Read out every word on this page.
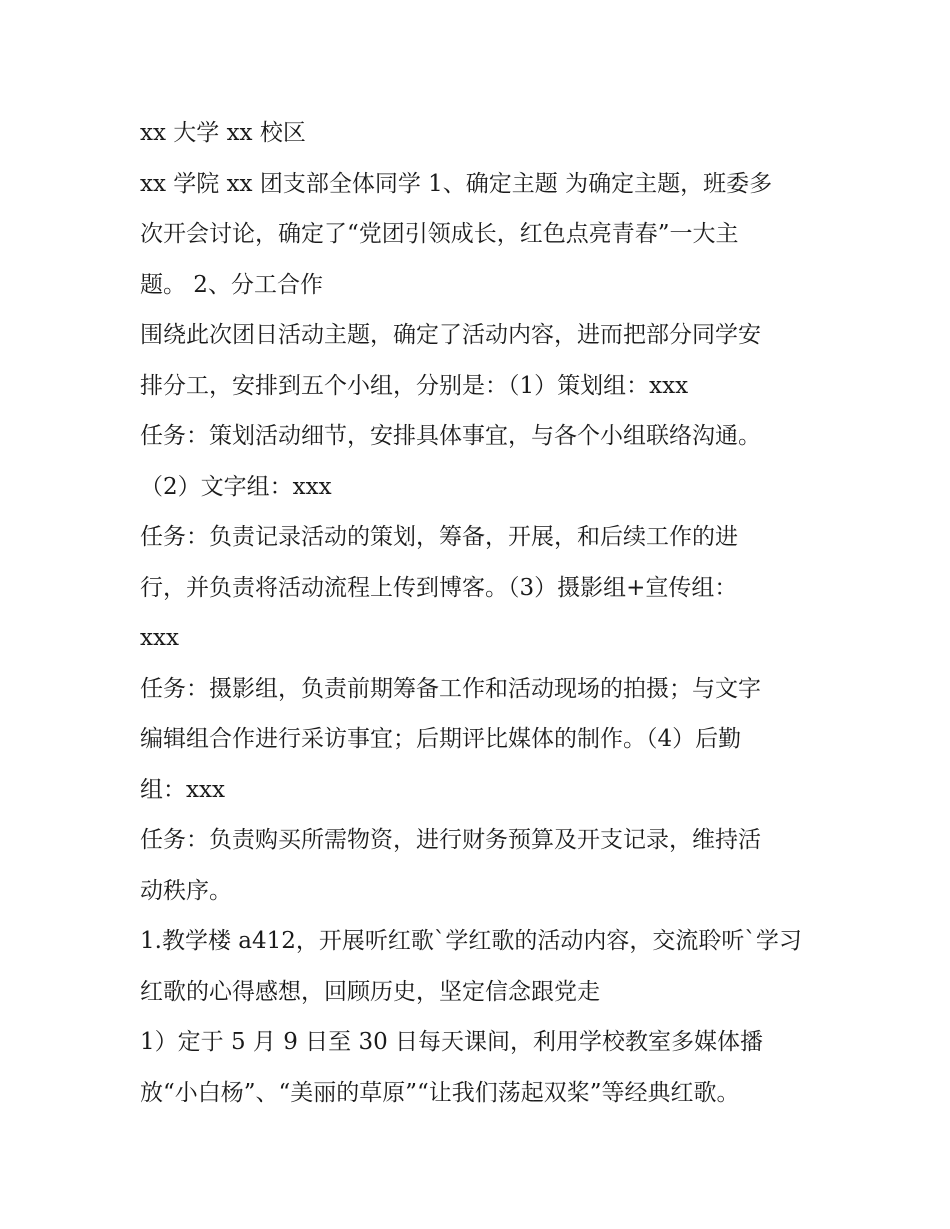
xx 大学 xx 校区
xx 学院 xx 团支部全体同学 1、确定主题 为确定主题，班委多
次开会讨论，确定了“党团引领成长，红色点亮青春”一大主
题。 2、分工合作
围绕此次团日活动主题，确定了活动内容，进而把部分同学安
排分工，安排到五个小组，分别是：（1）策划组：xxx
任务：策划活动细节，安排具体事宜，与各个小组联络沟通。
（2）文字组：xxx
任务：负责记录活动的策划，筹备，开展，和后续工作的进
行，并负责将活动流程上传到博客。（3）摄影组+宣传组：
xxx
任务：摄影组，负责前期筹备工作和活动现场的拍摄；与文字
编辑组合作进行采访事宜；后期评比媒体的制作。（4）后勤
组：xxx
任务：负责购买所需物资，进行财务预算及开支记录，维持活
动秩序。
1.教学楼 a412，开展听红歌`学红歌的活动内容，交流聆听`学习
红歌的心得感想，回顾历史，坚定信念跟党走
1）定于 5 月 9 日至 30 日每天课间，利用学校教室多媒体播
放“小白杨”、“美丽的草原”“让我们荡起双桨”等经典红歌。
